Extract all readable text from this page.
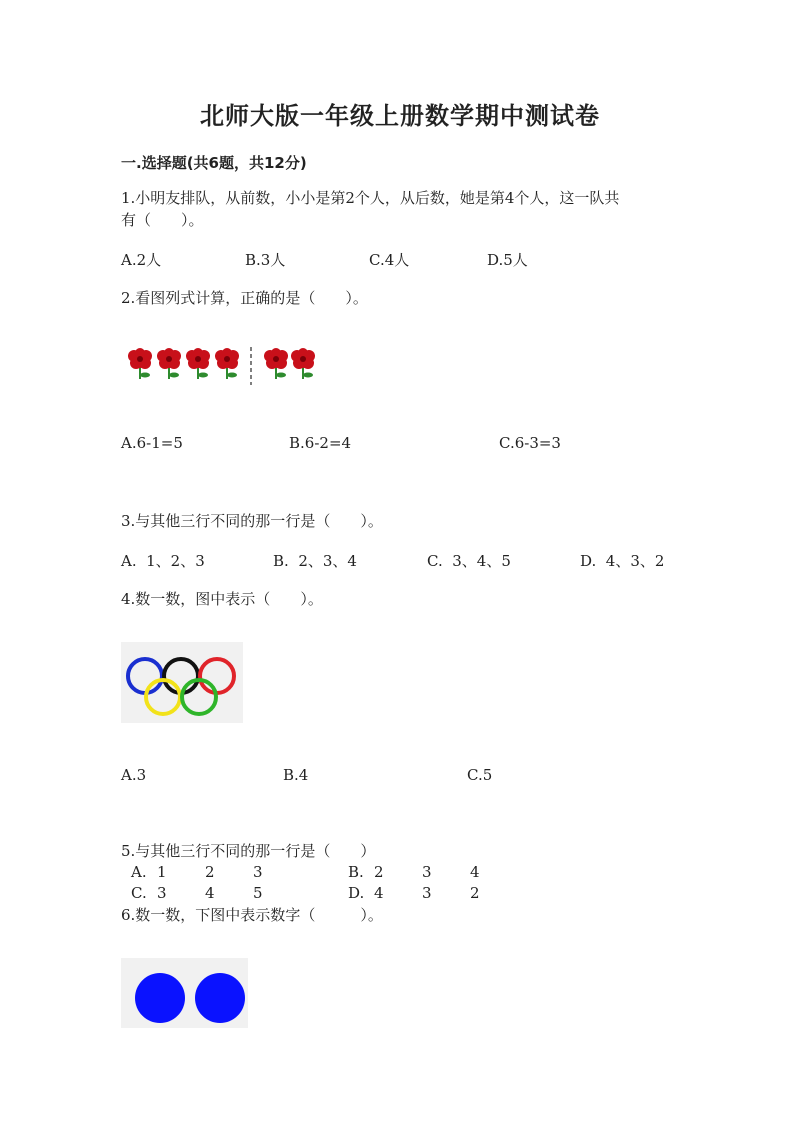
北师大版一年级上册数学期中测试卷
一.选择题(共6题，共12分)
1.小明友排队，从前数，小小是第2个人，从后数，她是第4个人，这一队共
有（　　）。
A.2人	B.3人	C.4人	D.5人
2.看图列式计算，正确的是（　　）。
A.6-1=5	B.6-2=4	C.6-3=3
3.与其他三行不同的那一行是（　　）。
A.  1、2、3	B.  2、3、4	C.  3、4、5	D.  4、3、2
4.数一数，图中表示（　　）。
A.3	B.4	C.5
5.与其他三行不同的那一行是（　　）
A. 1	2	3	B. 2	3	4
C. 3	4	5	D. 4	3	2
6.数一数，下图中表示数字（　　　）。
